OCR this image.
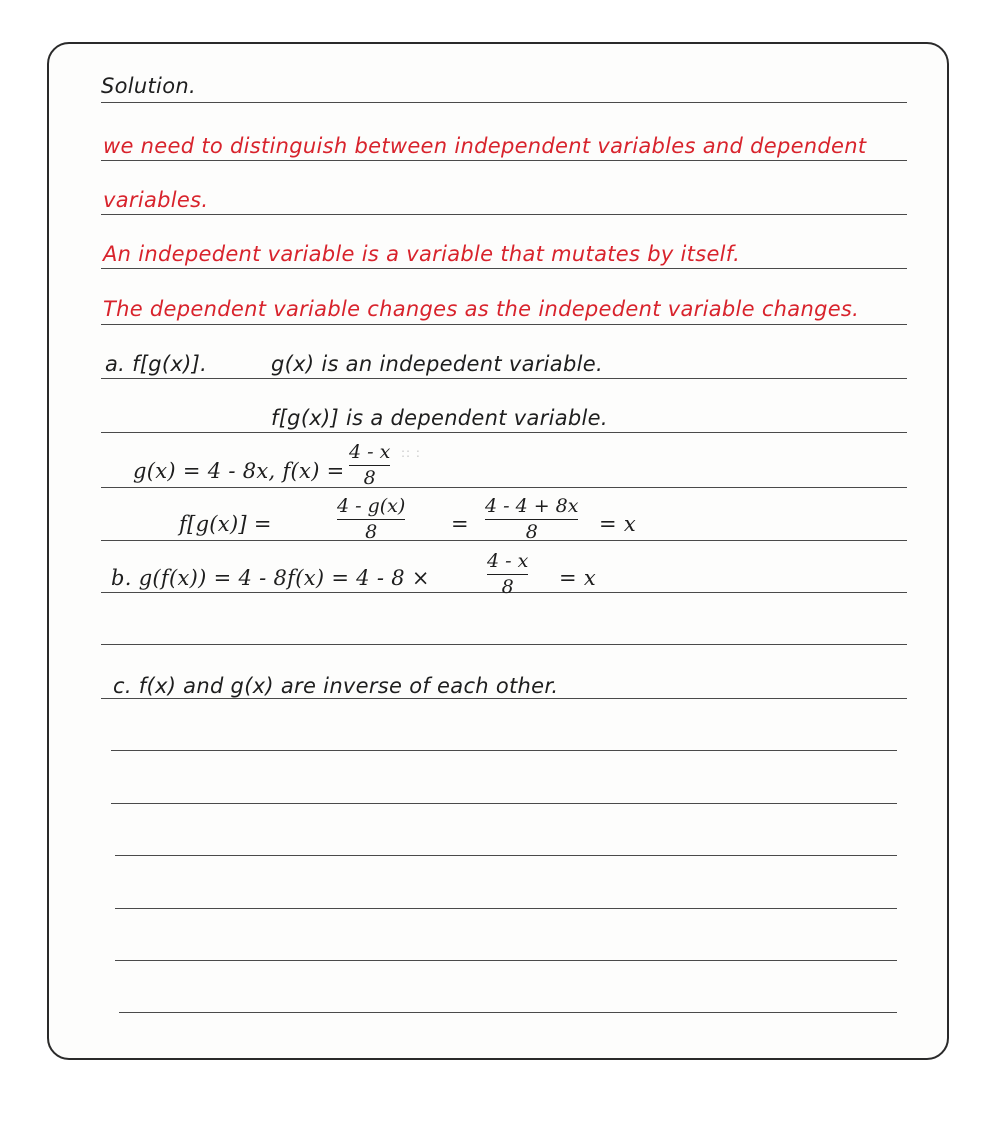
Solution.
we need to distinguish between independent variables and dependent
variables.
An indepedent variable is a variable that mutates by itself.
The dependent variable changes as the indepedent variable changes.
a. f[g(x)].	g(x) is an indepedent variable.
f[g(x)] is a dependent variable.
g(x) = 4 - 8x, f(x) =
4 - x
8
:: :
f[g(x)] =
4 - g(x)
8	=
4 - 4 + 8x
8	= x
b. g(f(x)) = 4 - 8f(x) = 4 - 8 ×
4 - x
8 = x
c. f(x) and g(x) are inverse of each other.
